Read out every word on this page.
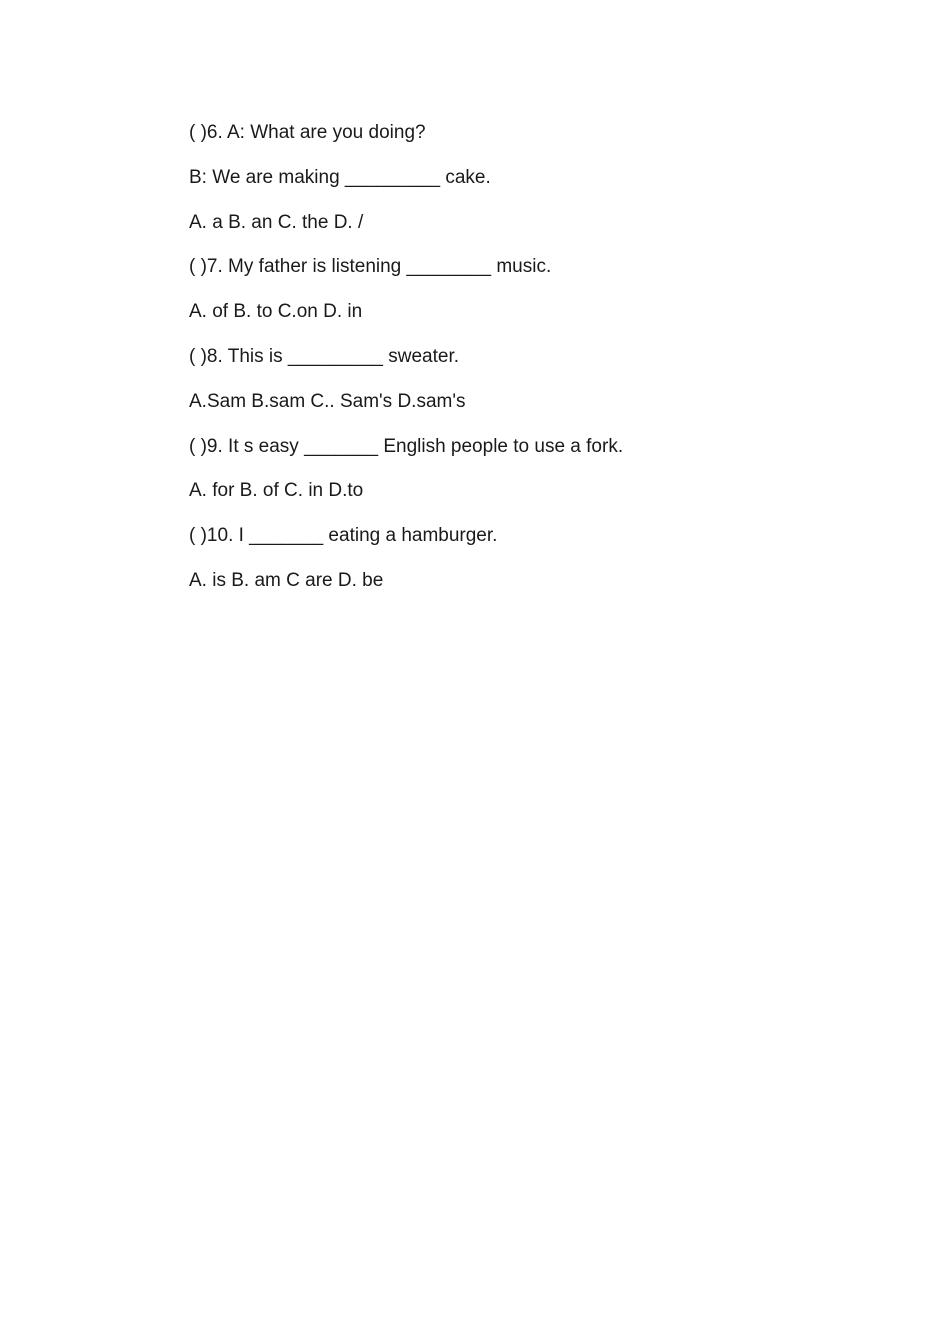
( )6. A: What are you doing?
B: We are making _________ cake.
A. a B. an C. the D. /
( )7. My father is listening ________ music.
A. of B. to C.on D. in
( )8. This is _________ sweater.
A.Sam B.sam C.. Sam's D.sam's
( )9. It s easy _______ English people to use a fork.
A. for B. of C. in D.to
( )10. I _______ eating a hamburger.
A. is B. am C are D. be
